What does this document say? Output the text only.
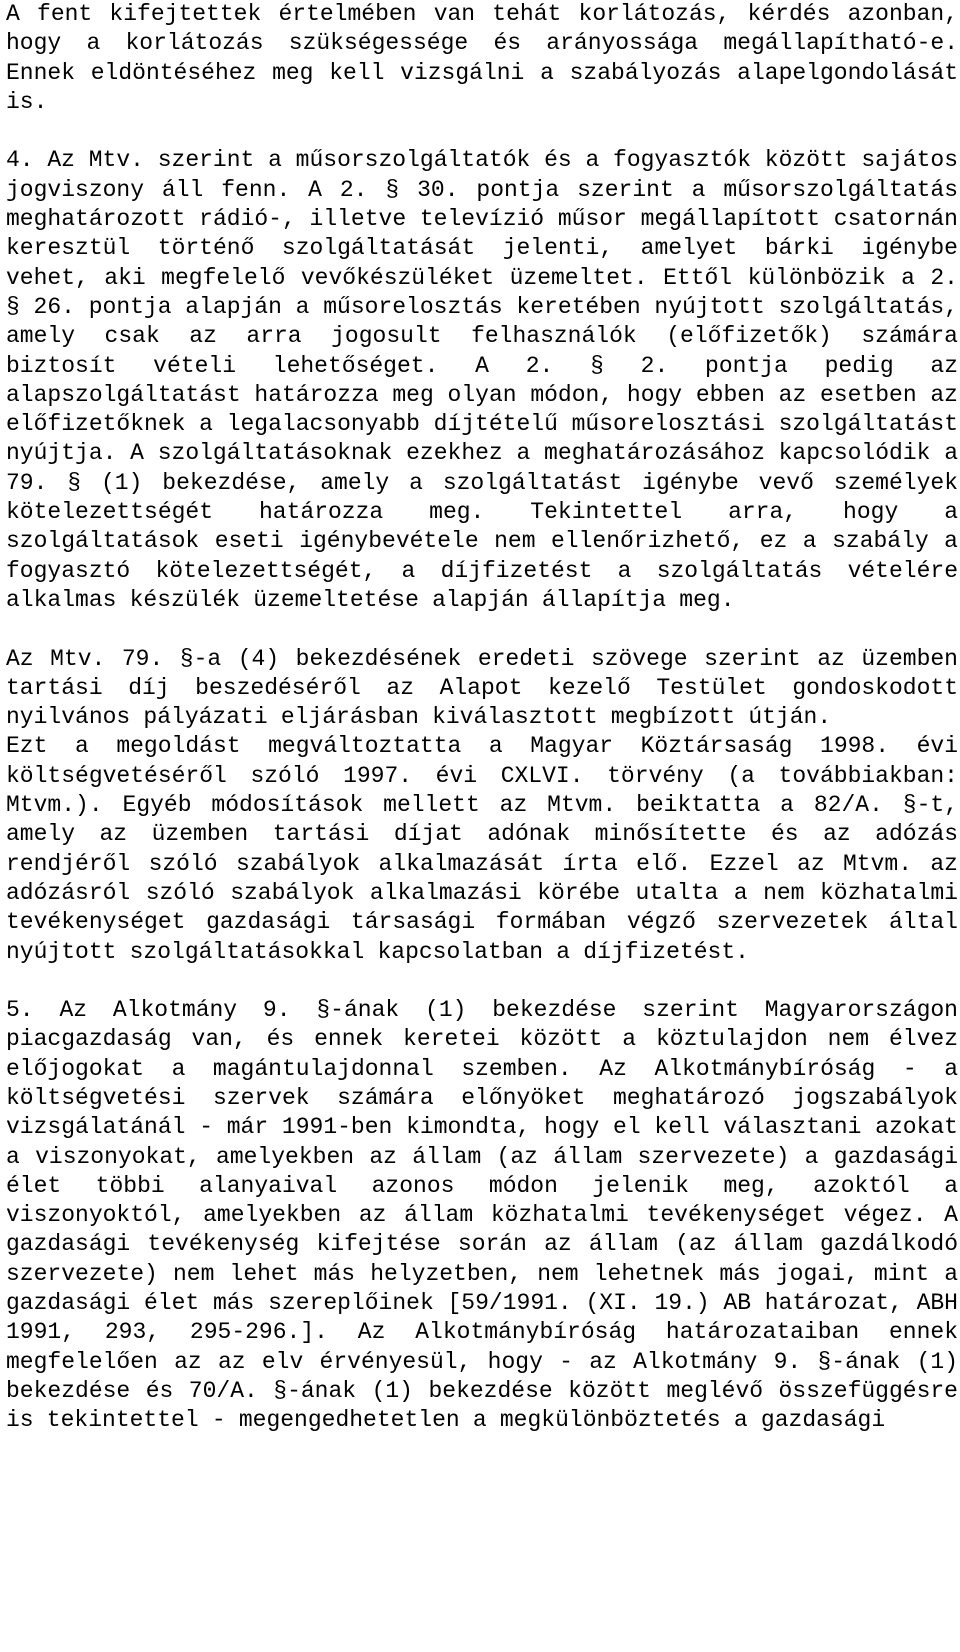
A fent kifejtettek értelmében van tehát korlátozás, kérdés azonban, hogy a korlátozás szükségessége és arányossága megállapítható-e. Ennek eldöntéséhez meg kell vizsgálni a szabályozás alapelgondolását is.

4. Az Mtv. szerint a műsorszolgáltatók és a fogyasztók között sajátos jogviszony áll fenn. A 2. § 30. pontja szerint a műsorszolgáltatás meghatározott rádió-, illetve televízió műsor megállapított csatornán keresztül történő szolgáltatását jelenti, amelyet bárki igénybe vehet, aki megfelelő vevőkészüléket üzemeltet. Ettől különbözik a 2. § 26. pontja alapján a műsorelosztás keretében nyújtott szolgáltatás, amely csak az arra jogosult felhasználók (előfizetők) számára biztosít vételi lehetőséget. A 2. § 2. pontja pedig az alapszolgáltatást határozza meg olyan módon, hogy ebben az esetben az előfizetőknek a legalacsonyabb díjtételű műsorelosztási szolgáltatást nyújtja. A szolgáltatásoknak ezekhez a meghatározásához kapcsolódik a 79. § (1) bekezdése, amely a szolgáltatást igénybe vevő személyek kötelezettségét határozza meg. Tekintettel arra, hogy a szolgáltatások eseti igénybevétele nem ellenőrizhető, ez a szabály a fogyasztó kötelezettségét, a díjfizetést a szolgáltatás vételére alkalmas készülék üzemeltetése alapján állapítja meg.

Az Mtv. 79. §-a (4) bekezdésének eredeti szövege szerint az üzemben tartási díj beszedéséről az Alapot kezelő Testület gondoskodott nyilvános pályázati eljárásban kiválasztott megbízott útján.

Ezt a megoldást megváltoztatta a Magyar Köztársaság 1998. évi költségvetéséről szóló 1997. évi CXLVI. törvény (a továbbiakban: Mtvm.). Egyéb módosítások mellett az Mtvm. beiktatta a 82/A. §-t, amely az üzemben tartási díjat adónak minősítette és az adózás rendjéről szóló szabályok alkalmazását írta elő. Ezzel az Mtvm. az adózásról szóló szabályok alkalmazási körébe utalta a nem közhatalmi tevékenységet gazdasági társasági formában végző szervezetek által nyújtott szolgáltatásokkal kapcsolatban a díjfizetést.

5. Az Alkotmány 9. §-ának (1) bekezdése szerint Magyarországon piacgazdaság van, és ennek keretei között a köztulajdon nem élvez előjogokat a magántulajdonnal szemben. Az Alkotmánybíróság - a költségvetési szervek számára előnyöket meghatározó jogszabályok vizsgálatánál - már 1991-ben kimondta, hogy el kell választani azokat a viszonyokat, amelyekben az állam (az állam szervezete) a gazdasági élet többi alanyaival azonos módon jelenik meg, azoktól a viszonyoktól, amelyekben az állam közhatalmi tevékenységet végez. A gazdasági tevékenység kifejtése során az állam (az állam gazdálkodó szervezete) nem lehet más helyzetben, nem lehetnek más jogai, mint a gazdasági élet más szereplőinek [59/1991. (XI. 19.) AB határozat, ABH 1991, 293, 295-296.]. Az Alkotmánybíróság határozataiban ennek megfelelően az az elv érvényesül, hogy - az Alkotmány 9. §-ának (1) bekezdése és 70/A. §-ának (1) bekezdése között meglévő összefüggésre is tekintettel - megengedhetetlen a megkülönböztetés a gazdasági
